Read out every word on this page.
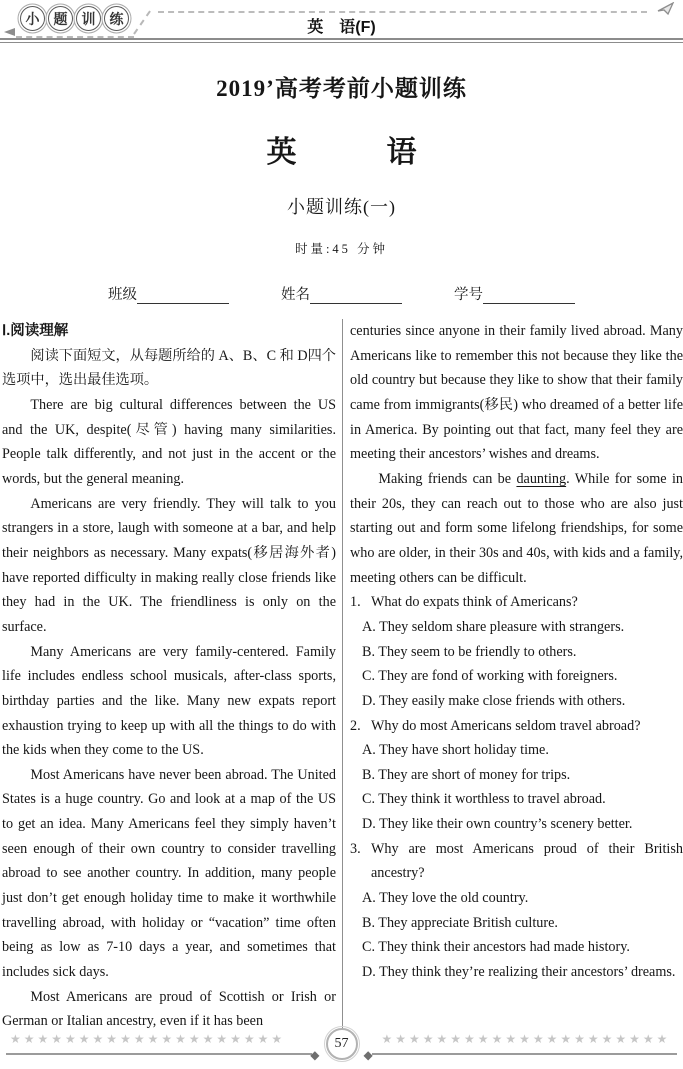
小	题	训	练
英　语(F)
2019’高考考前小题训练
英　　　语
小题训练(一)
时量:45 分钟
班级	姓名	学号
Ⅰ.阅读理解

阅读下面短文，从每题所给的 A、B、C 和 D四个选项中，选出最佳选项。

There are big cultural differences between the US and the UK, despite(尽管) having many similarities. People talk differently, and not just in the accent or the words, but the general meaning.

Americans are very friendly. They will talk to you strangers in a store, laugh with someone at a bar, and help their neighbors as necessary. Many expats(移居海外者) have reported difficulty in making really close friends like they had in the UK. The friendliness is only on the surface.

Many Americans are very family-centered. Family life includes endless school musicals, after-class sports, birthday parties and the like. Many new expats report exhaustion trying to keep up with all the things to do with the kids when they come to the US.

Most Americans have never been abroad. The United States is a huge country. Go and look at a map of the US to get an idea. Many Americans feel they simply haven’t seen enough of their own country to consider travelling abroad to see another country. In addition, many people just don’t get enough holiday time to make it worthwhile travelling abroad, with holiday or “vacation” time often being as low as 7-10 days a year, and sometimes that includes sick days.

Most Americans are proud of Scottish or Irish or German or Italian ancestry, even if it has been

centuries since anyone in their family lived abroad. Many Americans like to remember this not because they like the old country but because they like to show that their family came from immigrants(移民) who dreamed of a better life in America. By pointing out that fact, many feel they are meeting their ancestors’ wishes and dreams.

Making friends can be daunting. While for some in their 20s, they can reach out to those who are also just starting out and form some lifelong friendships, for some who are older, in their 30s and 40s, with kids and a family, meeting others can be difficult.

1. What do expats think of Americans?
A. They seldom share pleasure with strangers.
B. They seem to be friendly to others.
C. They are fond of working with foreigners.
D. They easily make close friends with others.
2. Why do most Americans seldom travel abroad?
A. They have short holiday time.
B. They are short of money for trips.
C. They think it worthless to travel abroad.
D. They like their own country’s scenery better.
3. Why are most Americans proud of their British ancestry?
A. They love the old country.
B. They appreciate British culture.
C. They think their ancestors had made history.
D. They think they’re realizing their ancestors’ dreams.
★★★★★★★★★★★★★★★★★★★★
◆
57	★★★★★★★★★★★★★★★★★★★★★
◆
